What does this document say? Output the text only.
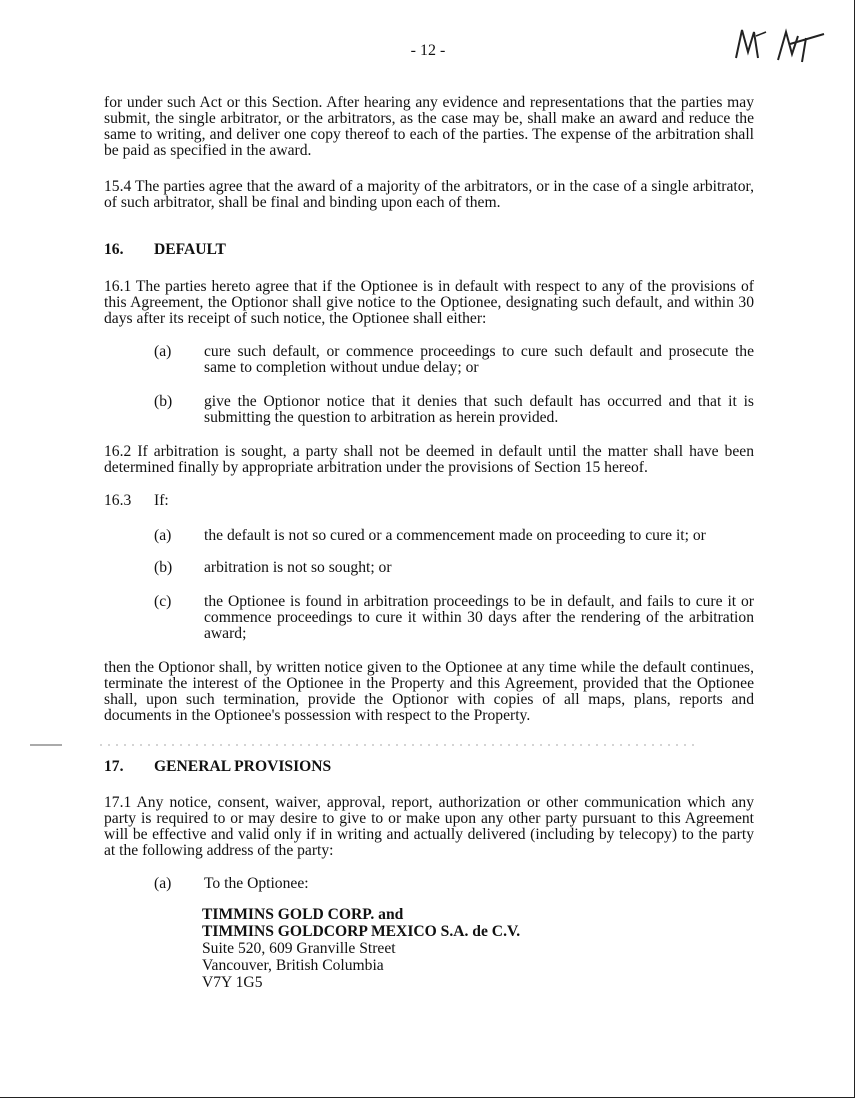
- 12 -

for under such Act or this Section. After hearing any evidence and representations that the parties may submit, the single arbitrator, or the arbitrators, as the case may be, shall make an award and reduce the same to writing, and deliver one copy thereof to each of the parties. The expense of the arbitration shall be paid as specified in the award.

15.4 The parties agree that the award of a majority of the arbitrators, or in the case of a single arbitrator, of such arbitrator, shall be final and binding upon each of them.

16. DEFAULT

16.1 The parties hereto agree that if the Optionee is in default with respect to any of the provisions of this Agreement, the Optionor shall give notice to the Optionee, designating such default, and within 30 days after its receipt of such notice, the Optionee shall either:

(a) cure such default, or commence proceedings to cure such default and prosecute the same to completion without undue delay; or
(b) give the Optionor notice that it denies that such default has occurred and that it is submitting the question to arbitration as herein provided.

16.2 If arbitration is sought, a party shall not be deemed in default until the matter shall have been determined finally by appropriate arbitration under the provisions of Section 15 hereof.

16.3 If:
(a) the default is not so cured or a commencement made on proceeding to cure it; or
(b) arbitration is not so sought; or
(c) the Optionee is found in arbitration proceedings to be in default, and fails to cure it or commence proceedings to cure it within 30 days after the rendering of the arbitration award;

then the Optionor shall, by written notice given to the Optionee at any time while the default continues, terminate the interest of the Optionee in the Property and this Agreement, provided that the Optionee shall, upon such termination, provide the Optionor with copies of all maps, plans, reports and documents in the Optionee's possession with respect to the Property.

17. GENERAL PROVISIONS

17.1 Any notice, consent, waiver, approval, report, authorization or other communication which any party is required to or may desire to give to or make upon any other party pursuant to this Agreement will be effective and valid only if in writing and actually delivered (including by telecopy) to the party at the following address of the party:

(a) To the Optionee:
TIMMINS GOLD CORP. and
TIMMINS GOLDCORP MEXICO S.A. de C.V.
Suite 520, 609 Granville Street
Vancouver, British Columbia
V7Y 1G5
